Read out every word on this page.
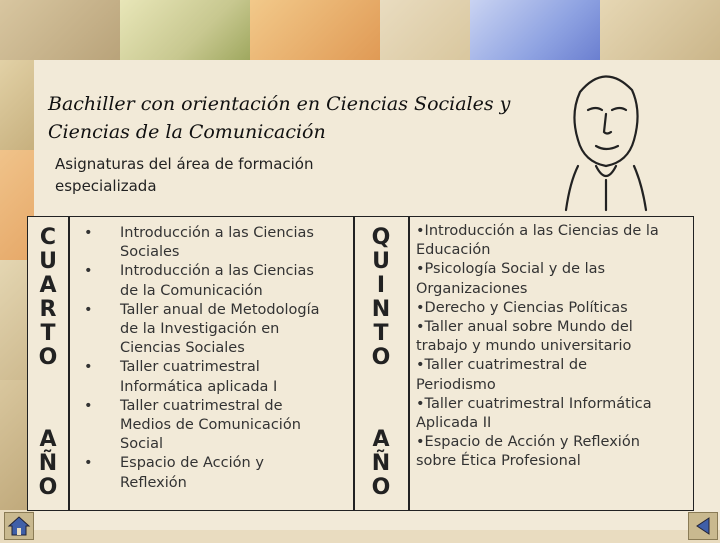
Bachiller con orientación en Ciencias Sociales y
Ciencias de la Comunicación
Asignaturas del área de formación
especializada
C
U
A
R
T
O
A
Ñ
O
Q
U
I
N
T
O
A
Ñ
O
• Introducción a las Ciencias
Sociales
• Introducción a las Ciencias
de la Comunicación
• Taller anual de Metodología
de la Investigación en
Ciencias Sociales
• Taller cuatrimestral
Informática aplicada I
• Taller cuatrimestral de
Medios de Comunicación
Social
• Espacio de Acción y
Reflexión
•Introducción a las Ciencias de la
Educación
•Psicología Social y de las
Organizaciones
•Derecho y Ciencias Políticas
•Taller anual sobre Mundo del
trabajo y mundo universitario
•Taller cuatrimestral de
Periodismo
•Taller cuatrimestral Informática
Aplicada II
•Espacio de Acción y Reflexión
sobre Ética Profesional
